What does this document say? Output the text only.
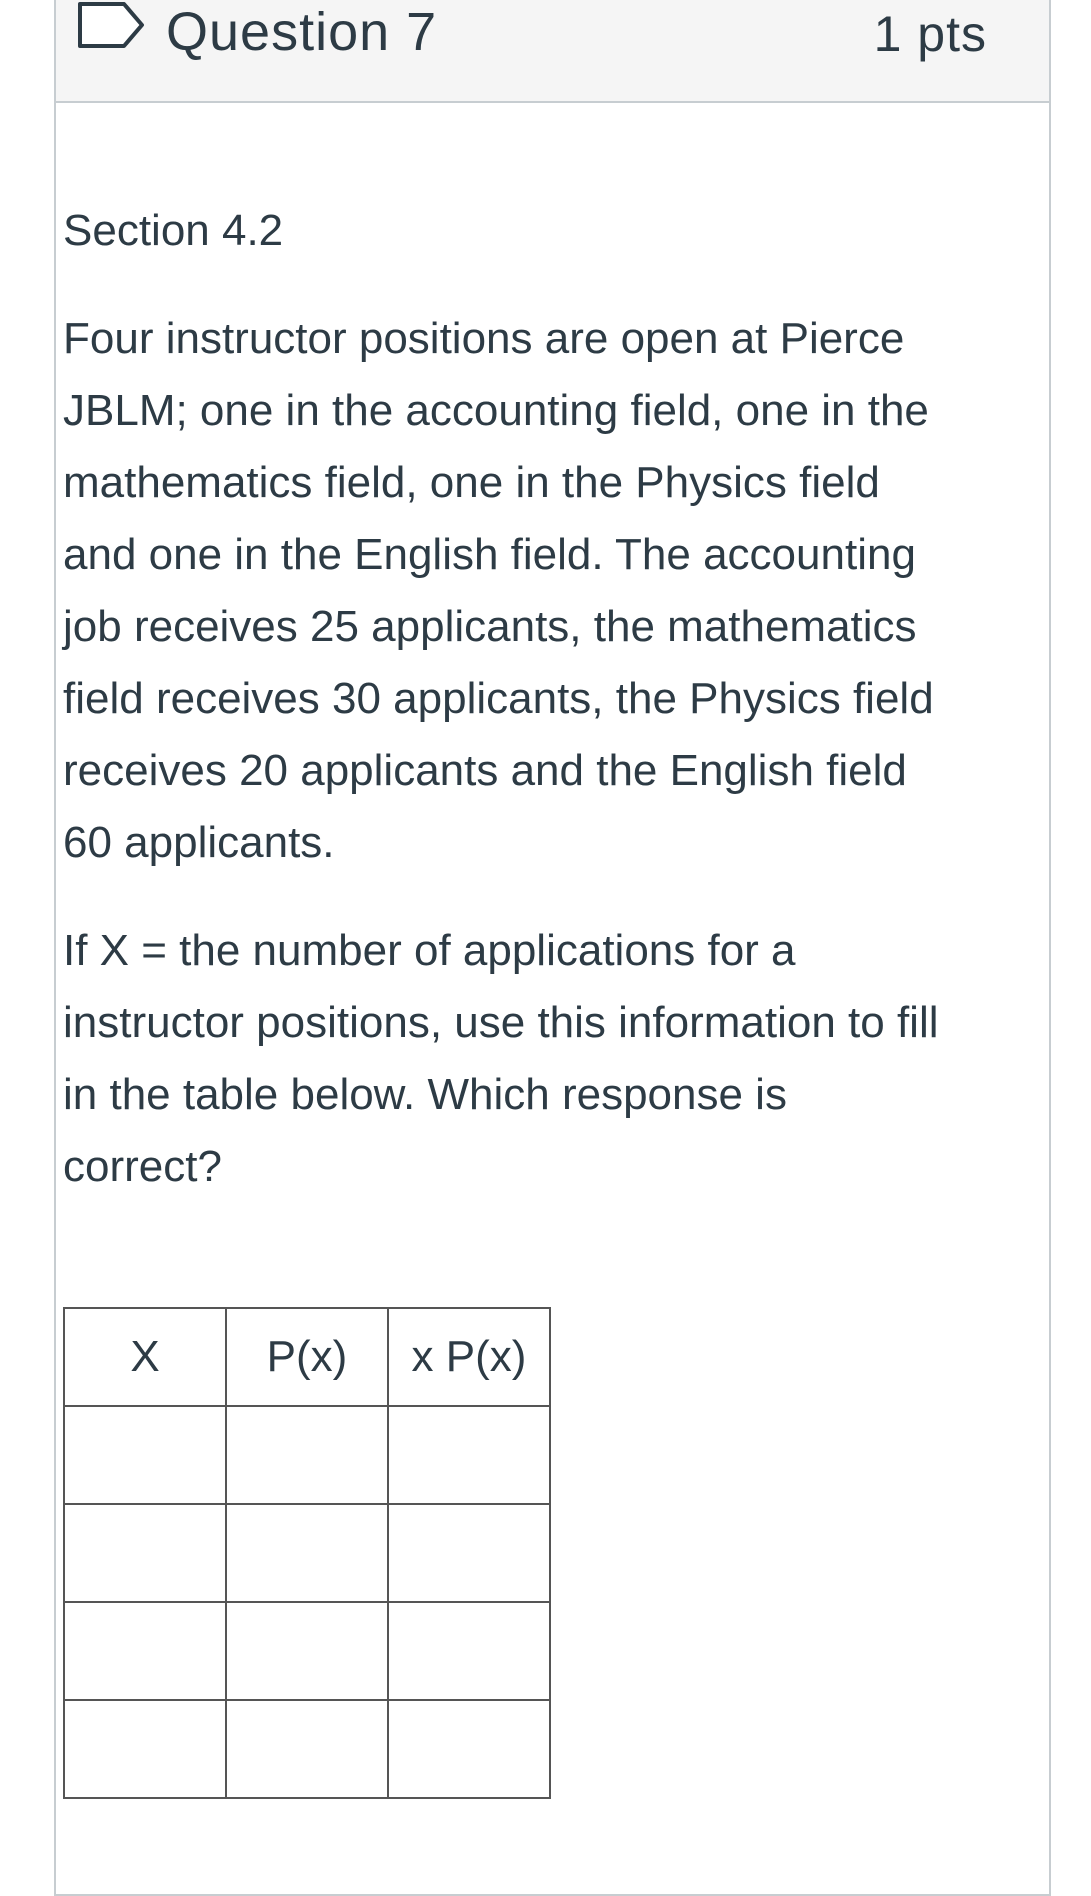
Question 7	1 pts

Section 4.2

Four instructor positions are open at Pierce JBLM; one in the accounting field, one in the mathematics field, one in the Physics field and one in the English field. The accounting job receives 25 applicants, the mathematics field receives 30 applicants, the Physics field receives 20 applicants and the English field 60 applicants.

If X = the number of applications for a instructor positions, use this information to fill in the table below. Which response is correct?

X	P(x)	x P(x)
